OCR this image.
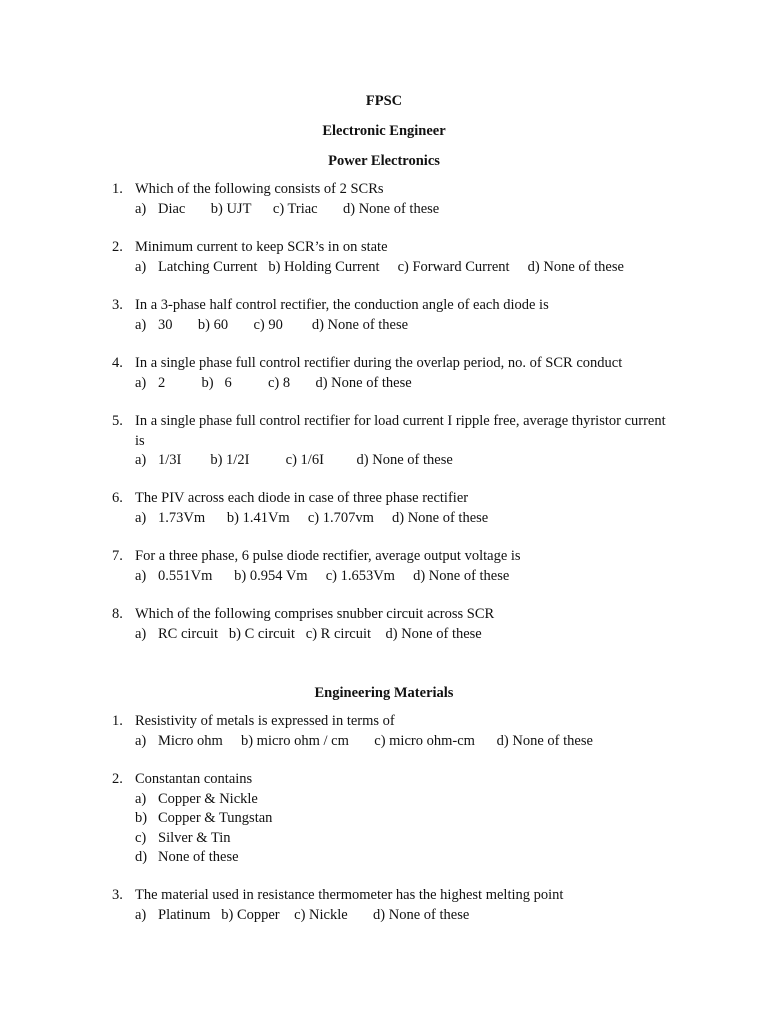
FPSC
Electronic Engineer
Power Electronics
1. Which of the following consists of 2 SCRs
a) Diac       b) UJT      c) Triac       d) None of these
2. Minimum current to keep SCR’s in on state
a) Latching Current   b) Holding Current     c) Forward Current     d) None of these
3. In a 3-phase half control rectifier, the conduction angle of each diode is
a) 30       b) 60       c) 90        d) None of these
4. In a single phase full control rectifier during the overlap period, no. of SCR conduct
a) 2          b)   6          c) 8       d) None of these
5. In a single phase full control rectifier for load current I ripple free, average thyristor current is
a) 1/3I        b) 1/2I          c) 1/6I         d) None of these
6. The PIV across each diode in case of three phase rectifier
a) 1.73Vm      b) 1.41Vm     c) 1.707vm     d) None of these
7. For a three phase, 6 pulse diode rectifier, average output voltage is
a) 0.551Vm      b) 0.954 Vm     c) 1.653Vm     d) None of these
8. Which of the following comprises snubber circuit across SCR
a) RC circuit   b) C circuit   c) R circuit    d) None of these
Engineering Materials
1. Resistivity of metals is expressed in terms of
a) Micro ohm     b) micro ohm / cm       c) micro ohm-cm      d) None of these
2. Constantan contains
a) Copper & Nickle
b) Copper & Tungstan
c) Silver & Tin
d) None of these
3. The material used in resistance thermometer has the highest melting point
a) Platinum   b) Copper    c) Nickle       d) None of these
